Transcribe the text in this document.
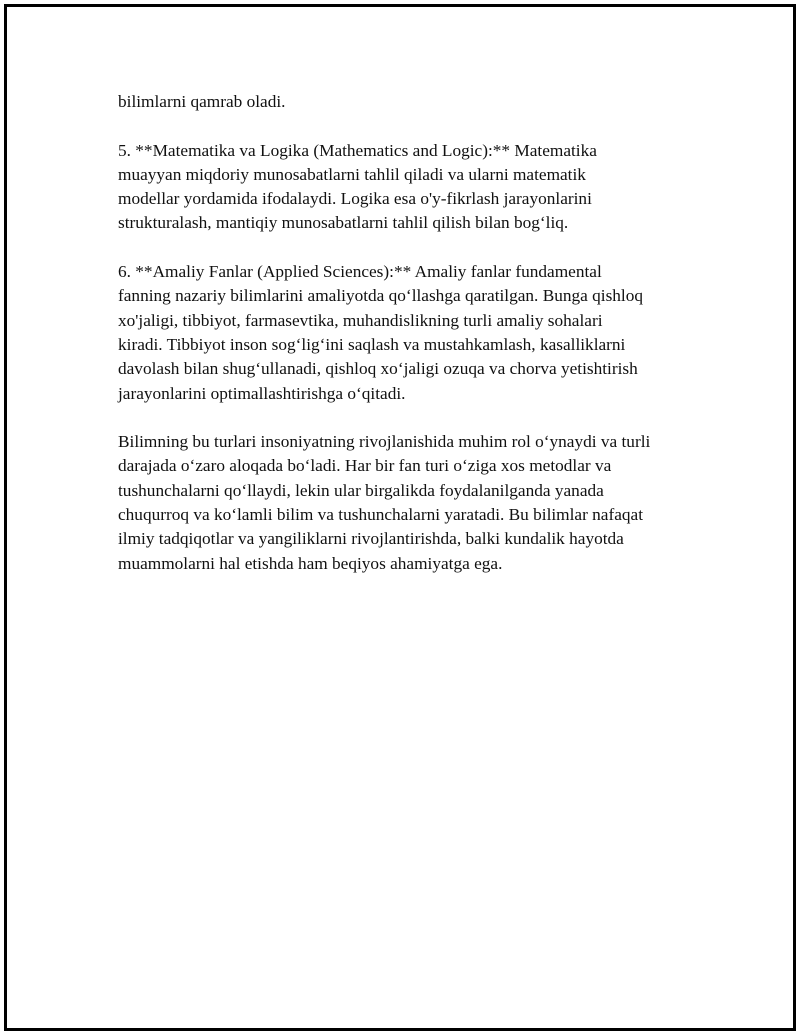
bilimlarni qamrab oladi.

5. **Matematika va Logika (Mathematics and Logic):** Matematika
muayyan miqdoriy munosabatlarni tahlil qiladi va ularni matematik
modellar yordamida ifodalaydi. Logika esa o'y-fikrlash jarayonlarini
strukturalash, mantiqiy munosabatlarni tahlil qilish bilan bog‘liq.

6. **Amaliy Fanlar (Applied Sciences):** Amaliy fanlar fundamental
fanning nazariy bilimlarini amaliyotda qo‘llashga qaratilgan. Bunga qishloq
xo'jaligi, tibbiyot, farmasevtika, muhandislikning turli amaliy sohalari
kiradi. Tibbiyot inson sog‘lig‘ini saqlash va mustahkamlash, kasalliklarni
davolash bilan shug‘ullanadi, qishloq xo‘jaligi ozuqa va chorva yetishtirish
jarayonlarini optimallashtirishga o‘qitadi.

Bilimning bu turlari insoniyatning rivojlanishida muhim rol o‘ynaydi va turli
darajada o‘zaro aloqada bo‘ladi. Har bir fan turi o‘ziga xos metodlar va
tushunchalarni qo‘llaydi, lekin ular birgalikda foydalanilganda yanada
chuqurroq va ko‘lamli bilim va tushunchalarni yaratadi. Bu bilimlar nafaqat
ilmiy tadqiqotlar va yangiliklarni rivojlantirishda, balki kundalik hayotda
muammolarni hal etishda ham beqiyos ahamiyatga ega.
